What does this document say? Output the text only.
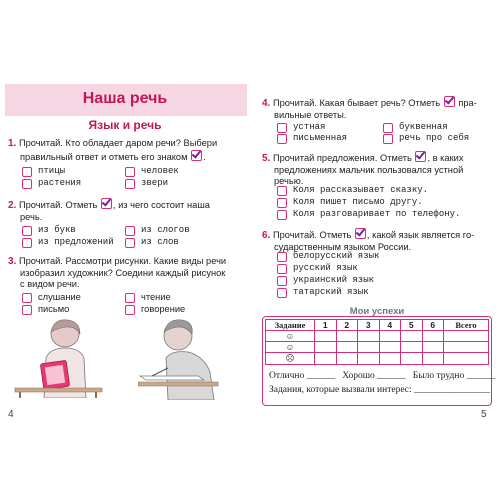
Наша речь
Язык и речь
1. Прочитай. Кто обладает даром речи? Выбери
правильный ответ и отметь его знаком .
птицы	человек
растения	звери
2. Прочитай. Отметь , из чего состоит наша
речь.
из букв	из слогов
из предложений	из слов
3. Прочитай. Рассмотри рисунки. Какие виды речи
изобразил художник? Соедини каждый рисунок
с видом речи.
слушание	чтение
письмо	говорение
4
4. Прочитай. Какая бывает речь? Отметь пра-
вильные ответы.
устная	буквенная
письменная	речь про себя
5. Прочитай предложения. Отметь , в каких
предложениях мальчик пользовался устной
речью.
Коля рассказывает сказку.
Коля пишет письмо другу.
Коля разговаривает по телефону.
6. Прочитай. Отметь , какой язык является го-
сударственным языком России.
белорусский язык
русский язык
украинский язык
татарский язык
Мои успехи
Задание	1	2	3	4	5	6	Всего
☺							
☺							
☹							
Отлично ______   Хорошо ______   Было трудно ______
Задания, которые вызвали интерес: ________________
5
